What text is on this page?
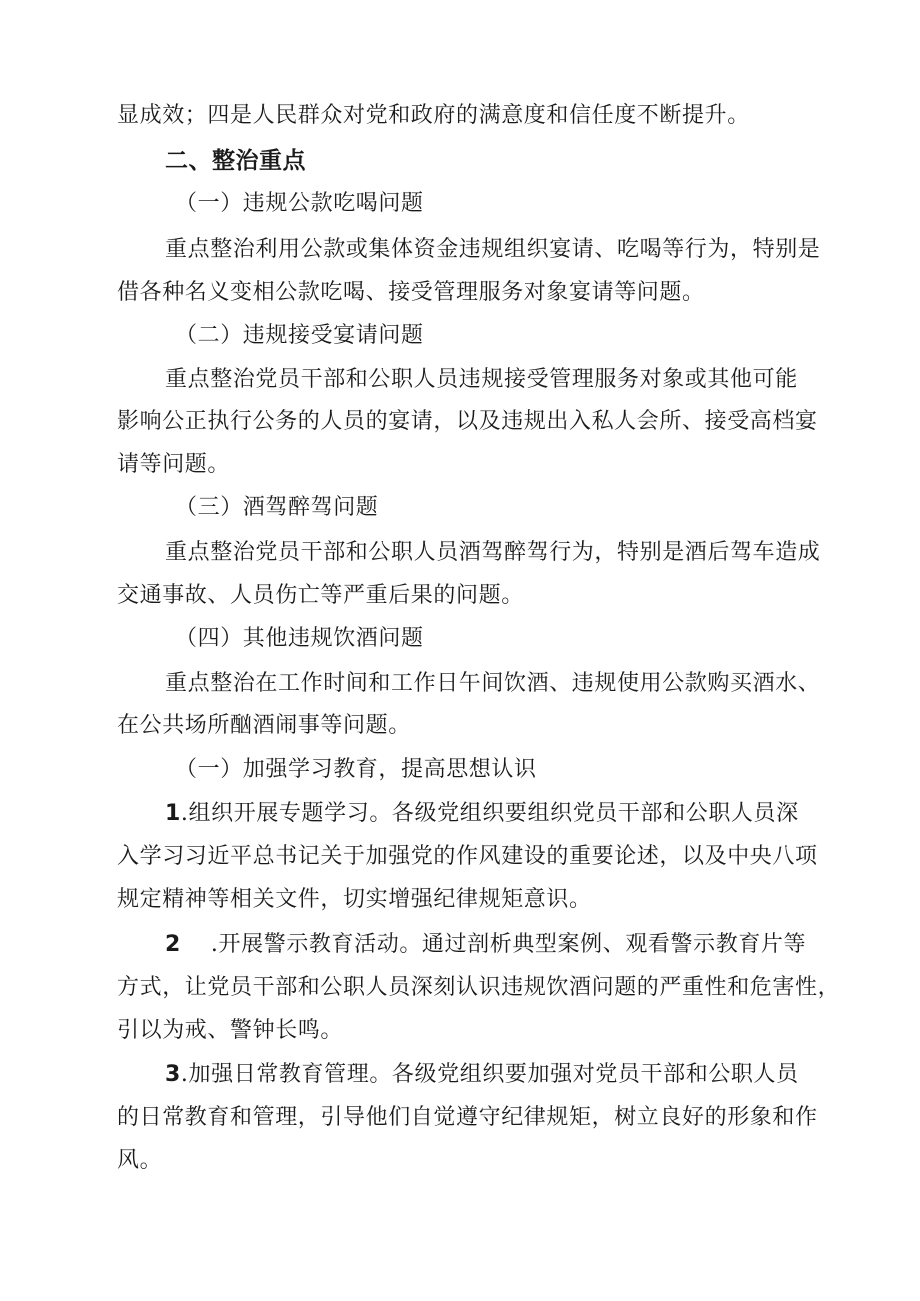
显成效；四是人民群众对党和政府的满意度和信任度不断提升。
二、整治重点
（一）违规公款吃喝问题
重点整治利用公款或集体资金违规组织宴请、吃喝等行为，特别是
借各种名义变相公款吃喝、接受管理服务对象宴请等问题。
（二）违规接受宴请问题
重点整治党员干部和公职人员违规接受管理服务对象或其他可能
影响公正执行公务的人员的宴请，以及违规出入私人会所、接受高档宴
请等问题。
（三）酒驾醉驾问题
重点整治党员干部和公职人员酒驾醉驾行为，特别是酒后驾车造成
交通事故、人员伤亡等严重后果的问题。
（四）其他违规饮酒问题
重点整治在工作时间和工作日午间饮酒、违规使用公款购买酒水、
在公共场所酗酒闹事等问题。
（一）加强学习教育，提高思想认识
1.组织开展专题学习。各级党组织要组织党员干部和公职人员深
入学习习近平总书记关于加强党的作风建设的重要论述，以及中央八项
规定精神等相关文件，切实增强纪律规矩意识。
2 .开展警示教育活动。通过剖析典型案例、观看警示教育片等
方式，让党员干部和公职人员深刻认识违规饮酒问题的严重性和危害性，
引以为戒、警钟长鸣。
3.加强日常教育管理。各级党组织要加强对党员干部和公职人员
的日常教育和管理，引导他们自觉遵守纪律规矩，树立良好的形象和作
风。
